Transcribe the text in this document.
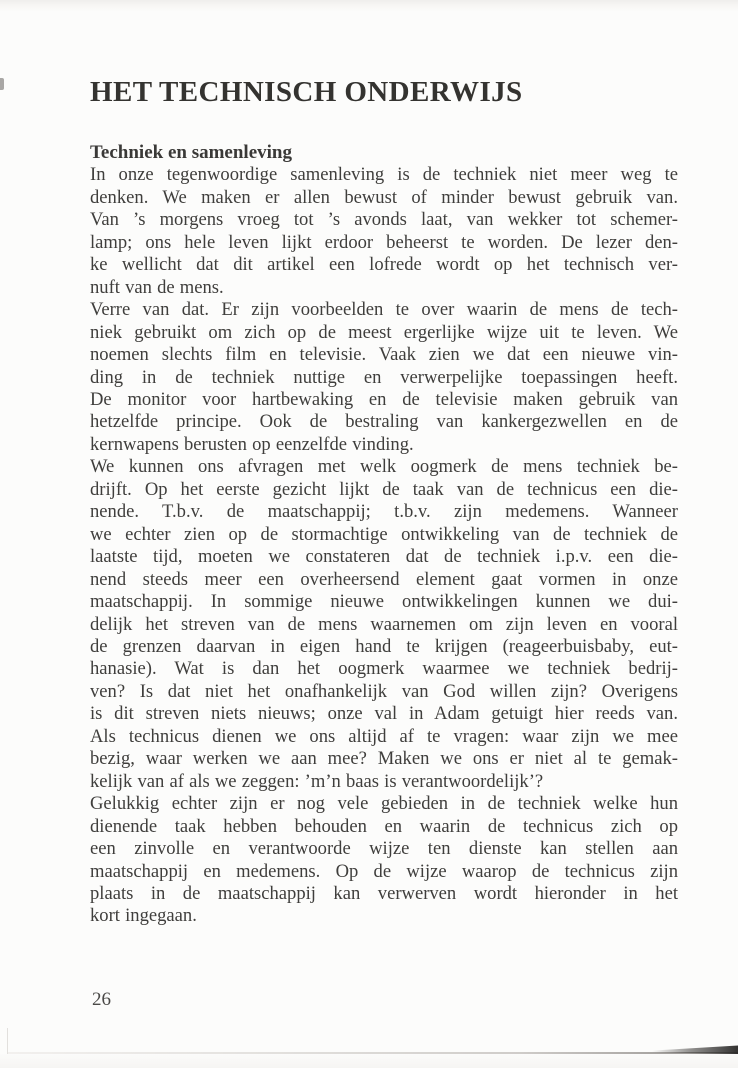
HET TECHNISCH ONDERWIJS
Techniek en samenleving
In onze tegenwoordige samenleving is de techniek niet meer weg te
denken. We maken er allen bewust of minder bewust gebruik van.
Van ’s morgens vroeg tot ’s avonds laat, van wekker tot schemer-
lamp; ons hele leven lijkt erdoor beheerst te worden. De lezer den-
ke wellicht dat dit artikel een lofrede wordt op het technisch ver-
nuft van de mens.
Verre van dat. Er zijn voorbeelden te over waarin de mens de tech-
niek gebruikt om zich op de meest ergerlijke wijze uit te leven. We
noemen slechts film en televisie. Vaak zien we dat een nieuwe vin-
ding in de techniek nuttige en verwerpelijke toepassingen heeft.
De monitor voor hartbewaking en de televisie maken gebruik van
hetzelfde principe. Ook de bestraling van kankergezwellen en de
kernwapens berusten op eenzelfde vinding.
We kunnen ons afvragen met welk oogmerk de mens techniek be-
drijft. Op het eerste gezicht lijkt de taak van de technicus een die-
nende. T.b.v. de maatschappij; t.b.v. zijn medemens. Wanneer
we echter zien op de stormachtige ontwikkeling van de techniek de
laatste tijd, moeten we constateren dat de techniek i.p.v. een die-
nend steeds meer een overheersend element gaat vormen in onze
maatschappij. In sommige nieuwe ontwikkelingen kunnen we dui-
delijk het streven van de mens waarnemen om zijn leven en vooral
de grenzen daarvan in eigen hand te krijgen (reageerbuisbaby, eut-
hanasie). Wat is dan het oogmerk waarmee we techniek bedrij-
ven? Is dat niet het onafhankelijk van God willen zijn? Overigens
is dit streven niets nieuws; onze val in Adam getuigt hier reeds van.
Als technicus dienen we ons altijd af te vragen: waar zijn we mee
bezig, waar werken we aan mee? Maken we ons er niet al te gemak-
kelijk van af als we zeggen: ’m’n baas is verantwoordelijk’?
Gelukkig echter zijn er nog vele gebieden in de techniek welke hun
dienende taak hebben behouden en waarin de technicus zich op
een zinvolle en verantwoorde wijze ten dienste kan stellen aan
maatschappij en medemens. Op de wijze waarop de technicus zijn
plaats in de maatschappij kan verwerven wordt hieronder in het
kort ingegaan.
26
